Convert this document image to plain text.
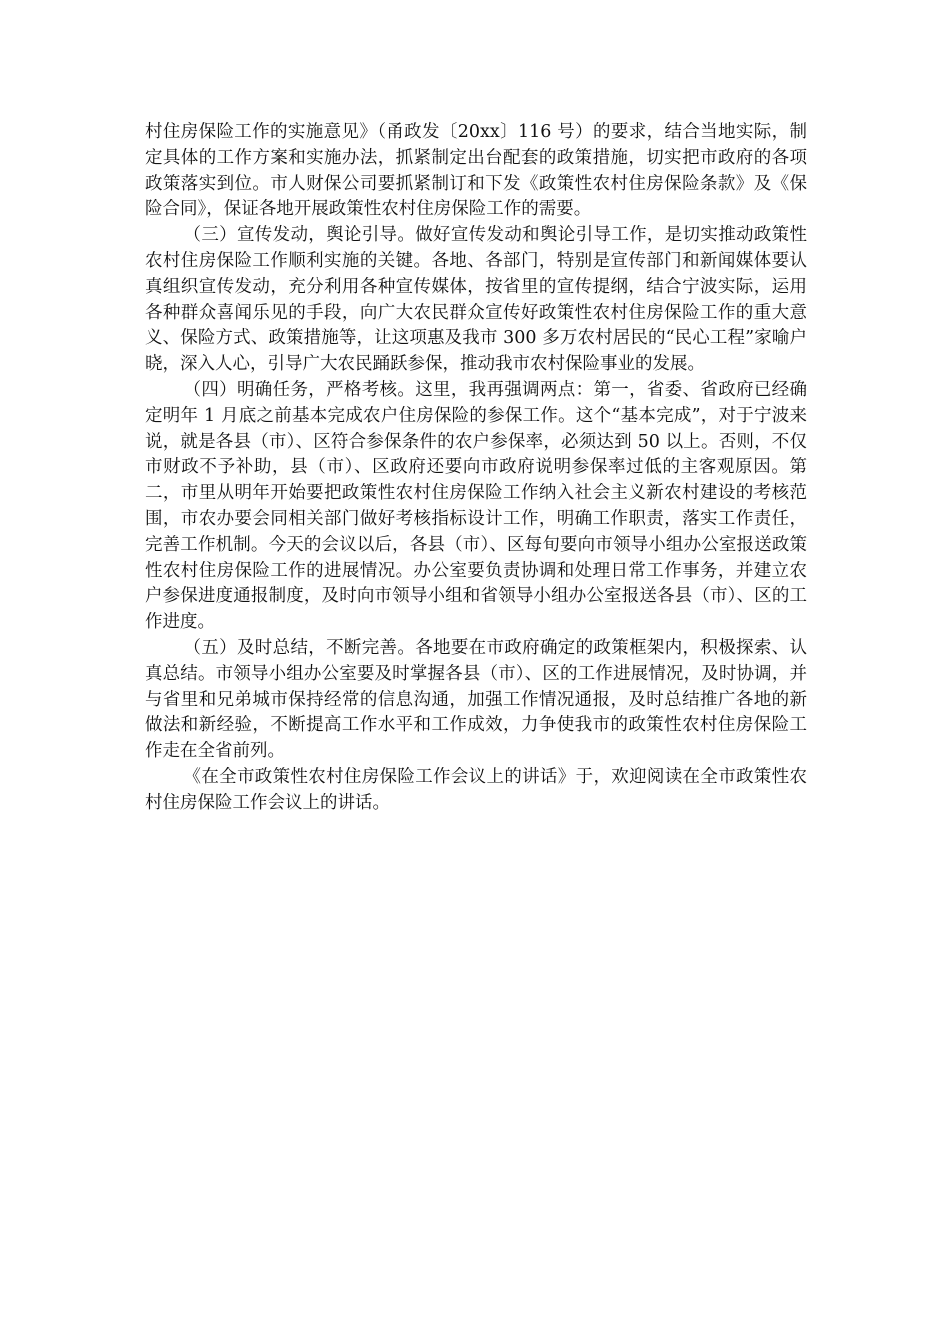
村住房保险工作的实施意见》（甬政发〔20xx〕116 号）的要求，结合当地实际，制定具体的工作方案和实施办法，抓紧制定出台配套的政策措施，切实把市政府的各项政策落实到位。市人财保公司要抓紧制订和下发《政策性农村住房保险条款》及《保险合同》，保证各地开展政策性农村住房保险工作的需要。

（三）宣传发动，舆论引导。做好宣传发动和舆论引导工作，是切实推动政策性农村住房保险工作顺利实施的关键。各地、各部门，特别是宣传部门和新闻媒体要认真组织宣传发动，充分利用各种宣传媒体，按省里的宣传提纲，结合宁波实际，运用各种群众喜闻乐见的手段，向广大农民群众宣传好政策性农村住房保险工作的重大意义、保险方式、政策措施等，让这项惠及我市 300 多万农村居民的“民心工程”家喻户晓，深入人心，引导广大农民踊跃参保，推动我市农村保险事业的发展。

（四）明确任务，严格考核。这里，我再强调两点：第一，省委、省政府已经确定明年 1 月底之前基本完成农户住房保险的参保工作。这个“基本完成”，对于宁波来说，就是各县（市）、区符合参保条件的农户参保率，必须达到 50 以上。否则，不仅市财政不予补助，县（市）、区政府还要向市政府说明参保率过低的主客观原因。第二，市里从明年开始要把政策性农村住房保险工作纳入社会主义新农村建设的考核范围，市农办要会同相关部门做好考核指标设计工作，明确工作职责，落实工作责任，完善工作机制。今天的会议以后，各县（市）、区每旬要向市领导小组办公室报送政策性农村住房保险工作的进展情况。办公室要负责协调和处理日常工作事务，并建立农户参保进度通报制度，及时向市领导小组和省领导小组办公室报送各县（市）、区的工作进度。

（五）及时总结，不断完善。各地要在市政府确定的政策框架内，积极探索、认真总结。市领导小组办公室要及时掌握各县（市）、区的工作进展情况，及时协调，并与省里和兄弟城市保持经常的信息沟通，加强工作情况通报，及时总结推广各地的新做法和新经验，不断提高工作水平和工作成效，力争使我市的政策性农村住房保险工作走在全省前列。

《在全市政策性农村住房保险工作会议上的讲话》于，欢迎阅读在全市政策性农村住房保险工作会议上的讲话。
